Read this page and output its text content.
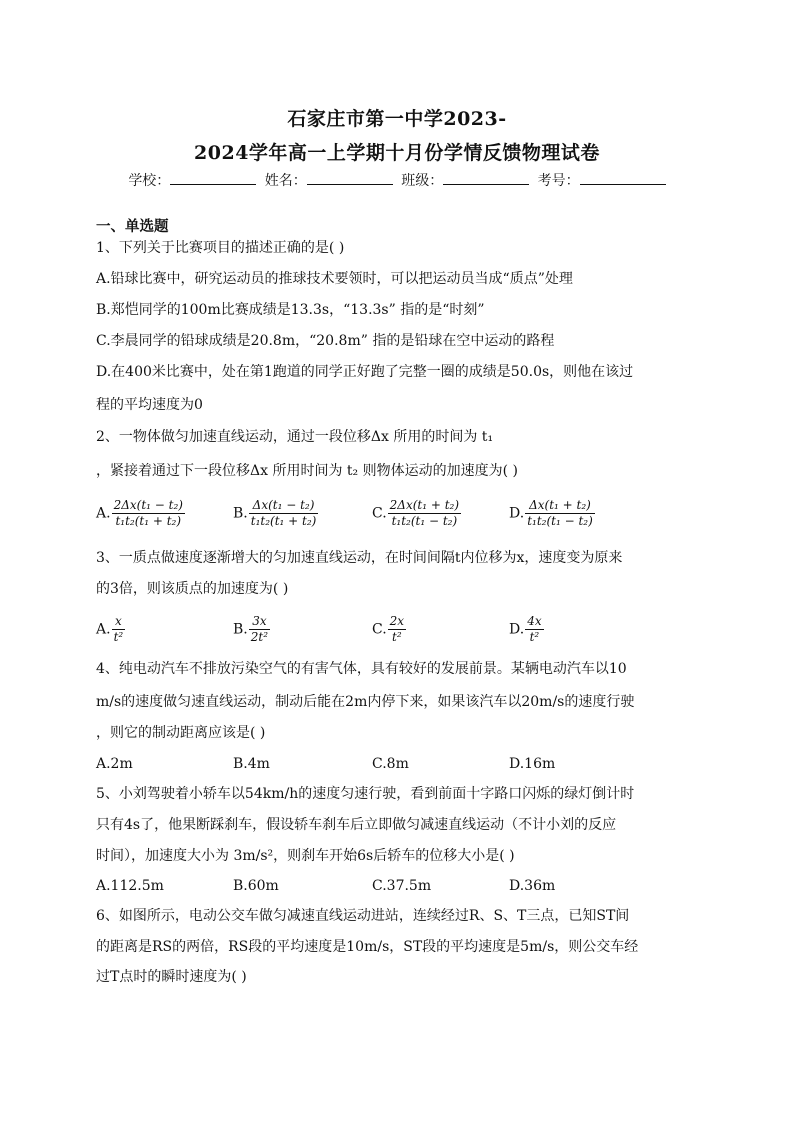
石家庄市第一中学2023-
2024学年高一上学期十月份学情反馈物理试卷
学校：	姓名：	班级：	考号：
一、单选题
1、下列关于比赛项目的描述正确的是( )
A.铅球比赛中，研究运动员的推球技术要领时，可以把运动员当成“质点”处理
B.郑恺同学的100m比赛成绩是13.3s，“13.3s” 指的是“时刻”
C.李晨同学的铅球成绩是20.8m，“20.8m” 指的是铅球在空中运动的路程
D.在400米比赛中，处在第1跑道的同学正好跑了完整一圈的成绩是50.0s，则他在该过
程的平均速度为0
2、一物体做匀加速直线运动，通过一段位移Δx 所用的时间为 t₁
，紧接着通过下一段位移Δx 所用时间为 t₂ 则物体运动的加速度为( )
A. $\frac{\text{2Δx(t₁ − t₂)}}{\text{t₁t₂(t₁ + t₂)}}$	B. $\frac{\text{Δx(t₁ − t₂)}}{\text{t₁t₂(t₁ + t₂)}}$	C. $\frac{\text{2Δx(t₁ + t₂)}}{\text{t₁t₂(t₁ − t₂)}}$	D. $\frac{\text{Δx(t₁ + t₂)}}{\text{t₁t₂(t₁ − t₂)}}$
3、一质点做速度逐渐增大的匀加速直线运动，在时间间隔t内位移为x，速度变为原来
的3倍，则该质点的加速度为( )
A. $\frac{x}{\text{t²}}$	B. $\frac{3x}{\text{2t²}}$	C. $\frac{2x}{\text{t²}}$	D. $\frac{4x}{\text{t²}}$
4、纯电动汽车不排放污染空气的有害气体，具有较好的发展前景。某辆电动汽车以10
m/s的速度做匀速直线运动，制动后能在2m内停下来，如果该汽车以20m/s的速度行驶
，则它的制动距离应该是( )
A.2m	B.4m	C.8m	D.16m
5、小刘驾驶着小轿车以54km/h的速度匀速行驶，看到前面十字路口闪烁的绿灯倒计时
只有4s了，他果断踩刹车，假设轿车刹车后立即做匀减速直线运动（不计小刘的反应
时间），加速度大小为 3m/s²，则刹车开始6s后轿车的位移大小是( )
A.112.5m	B.60m	C.37.5m	D.36m
6、如图所示，电动公交车做匀减速直线运动进站，连续经过R、S、T三点，已知ST间
的距离是RS的两倍，RS段的平均速度是10m/s，ST段的平均速度是5m/s，则公交车经
过T点时的瞬时速度为( )
